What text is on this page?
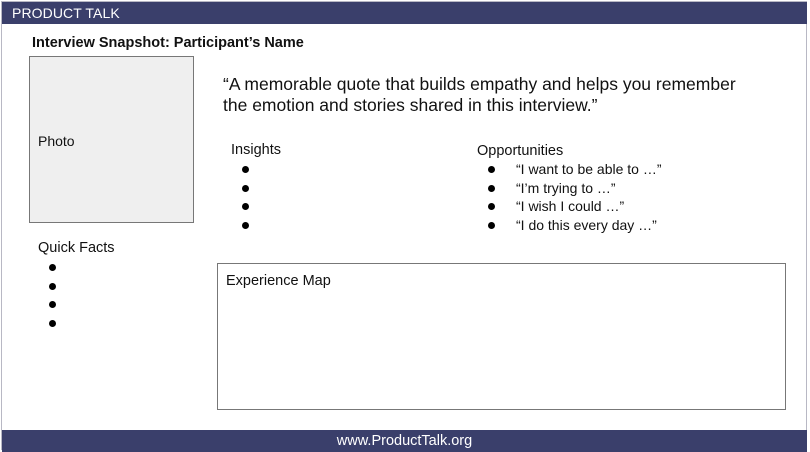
PRODUCT TALK
Interview Snapshot: Participant’s Name
Photo
“A memorable quote that builds empathy and helps you remember the emotion and stories shared in this interview.”
Insights	Opportunities
“I want to be able to …”
“I’m trying to …”
“I wish I could …”
“I do this every day …”
Quick Facts
Experience Map
www.ProductTalk.org
